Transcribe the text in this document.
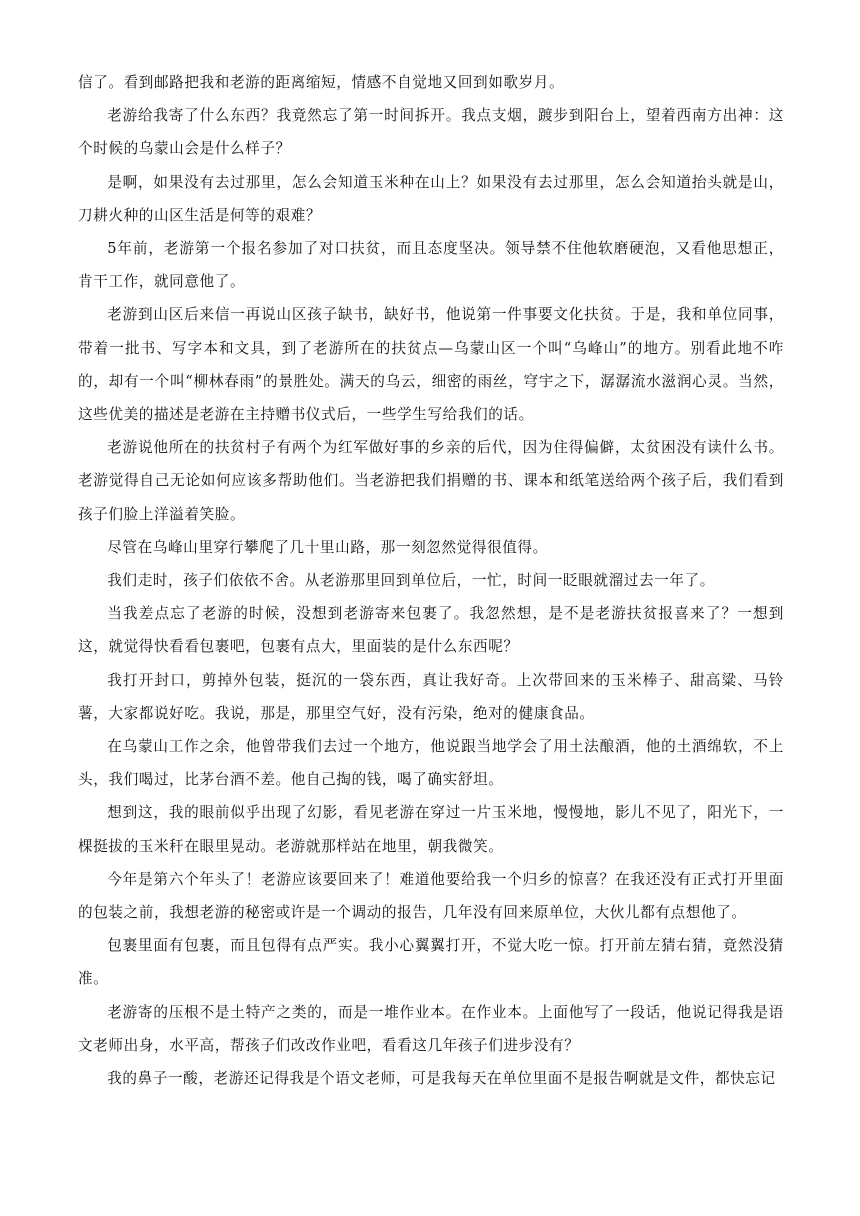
信了。看到邮路把我和老游的距离缩短，情感不自觉地又回到如歌岁月。

老游给我寄了什么东西？我竟然忘了第一时间拆开。我点支烟，踱步到阳台上，望着西南方出神：这个时候的乌蒙山会是什么样子？

是啊，如果没有去过那里，怎么会知道玉米种在山上？如果没有去过那里，怎么会知道抬头就是山，刀耕火种的山区生活是何等的艰难？

5年前，老游第一个报名参加了对口扶贫，而且态度坚决。领导禁不住他软磨硬泡，又看他思想正，肯干工作，就同意他了。

老游到山区后来信一再说山区孩子缺书，缺好书，他说第一件事要文化扶贫。于是，我和单位同事，带着一批书、写字本和文具，到了老游所在的扶贫点—乌蒙山区一个叫“乌峰山”的地方。别看此地不咋的，却有一个叫“柳林春雨”的景胜处。满天的乌云，细密的雨丝，穹宇之下，潺潺流水滋润心灵。当然，这些优美的描述是老游在主持赠书仪式后，一些学生写给我们的话。

老游说他所在的扶贫村子有两个为红军做好事的乡亲的后代，因为住得偏僻，太贫困没有读什么书。老游觉得自己无论如何应该多帮助他们。当老游把我们捐赠的书、课本和纸笔送给两个孩子后，我们看到孩子们脸上洋溢着笑脸。

尽管在乌峰山里穿行攀爬了几十里山路，那一刻忽然觉得很值得。

我们走时，孩子们依依不舍。从老游那里回到单位后，一忙，时间一眨眼就溜过去一年了。

当我差点忘了老游的时候，没想到老游寄来包裹了。我忽然想，是不是老游扶贫报喜来了？一想到这，就觉得快看看包裹吧，包裹有点大，里面装的是什么东西呢？

我打开封口，剪掉外包装，挺沉的一袋东西，真让我好奇。上次带回来的玉米棒子、甜高粱、马铃薯，大家都说好吃。我说，那是，那里空气好，没有污染，绝对的健康食品。

在乌蒙山工作之余，他曾带我们去过一个地方，他说跟当地学会了用土法酿酒，他的土酒绵软，不上头，我们喝过，比茅台酒不差。他自己掏的钱，喝了确实舒坦。

想到这，我的眼前似乎出现了幻影，看见老游在穿过一片玉米地，慢慢地，影儿不见了，阳光下，一棵挺拔的玉米秆在眼里晃动。老游就那样站在地里，朝我微笑。

今年是第六个年头了！老游应该要回来了！难道他要给我一个归乡的惊喜？在我还没有正式打开里面的包装之前，我想老游的秘密或许是一个调动的报告，几年没有回来原单位，大伙儿都有点想他了。

包裹里面有包裹，而且包得有点严实。我小心翼翼打开，不觉大吃一惊。打开前左猜右猜，竟然没猜准。

老游寄的压根不是土特产之类的，而是一堆作业本。在作业本。上面他写了一段话，他说记得我是语文老师出身，水平高，帮孩子们改改作业吧，看看这几年孩子们进步没有？

我的鼻子一酸，老游还记得我是个语文老师，可是我每天在单位里面不是报告啊就是文件，都快忘记
